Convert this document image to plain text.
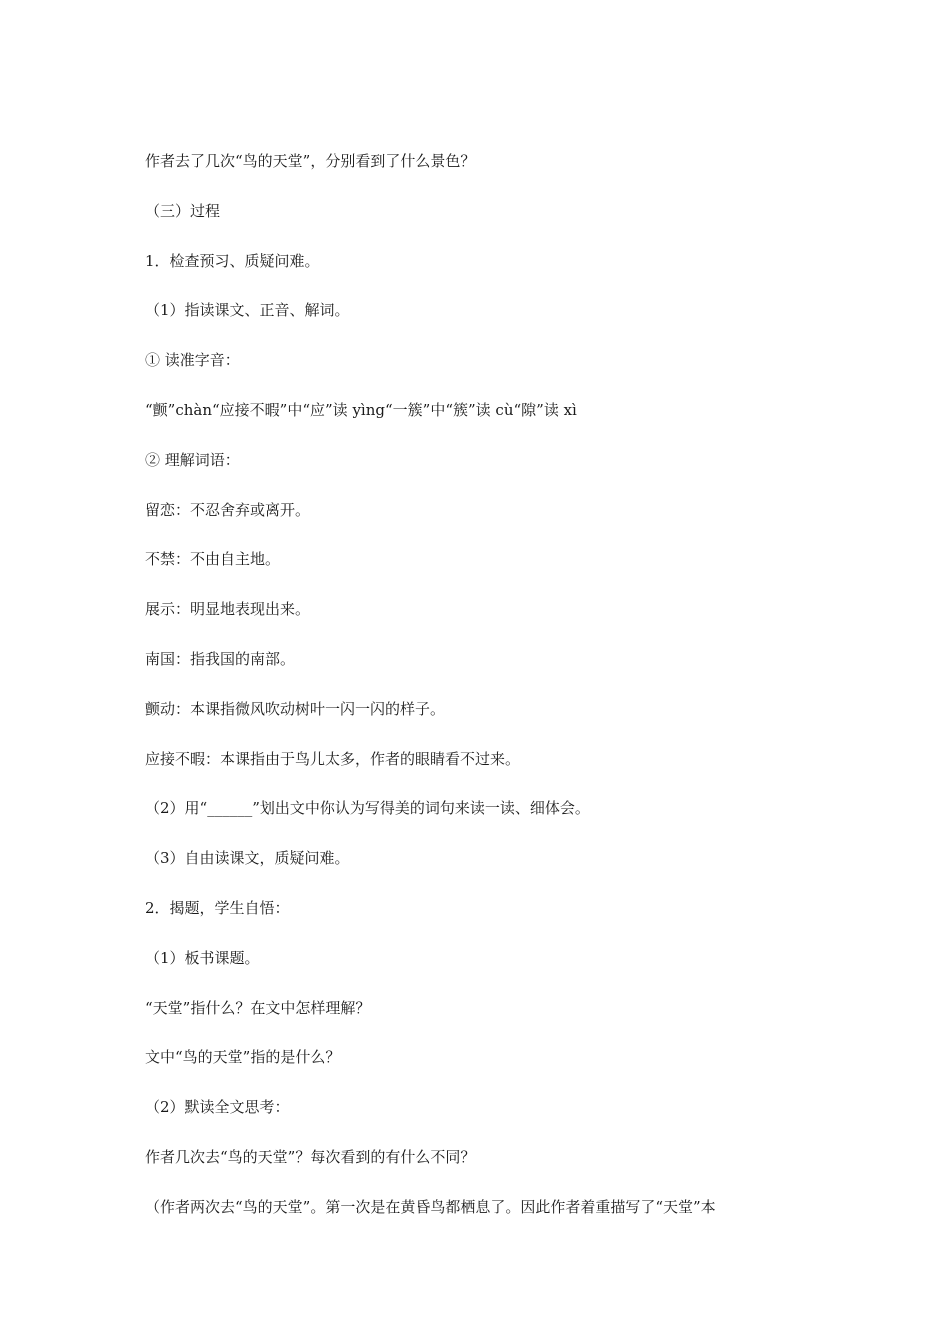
作者去了几次“鸟的天堂”，分别看到了什么景色？
（三）过程
1．检查预习、质疑问难。
（1）指读课文、正音、解词。
① 读准字音：
“颤”chàn“应接不暇”中“应”读 yìng“一簇”中“簇”读 cù“隙”读 xì
② 理解词语：
留恋：不忍舍弃或离开。
不禁：不由自主地。
展示：明显地表现出来。
南国：指我国的南部。
颤动：本课指微风吹动树叶一闪一闪的样子。
应接不暇：本课指由于鸟儿太多，作者的眼睛看不过来。
（2）用“______”划出文中你认为写得美的词句来读一读、细体会。
（3）自由读课文，质疑问难。
2．揭题，学生自悟：
（1）板书课题。
“天堂”指什么？在文中怎样理解？
文中“鸟的天堂”指的是什么？
（2）默读全文思考：
作者几次去“鸟的天堂”？每次看到的有什么不同？
（作者两次去“鸟的天堂”。第一次是在黄昏鸟都栖息了。因此作者着重描写了“天堂”本
